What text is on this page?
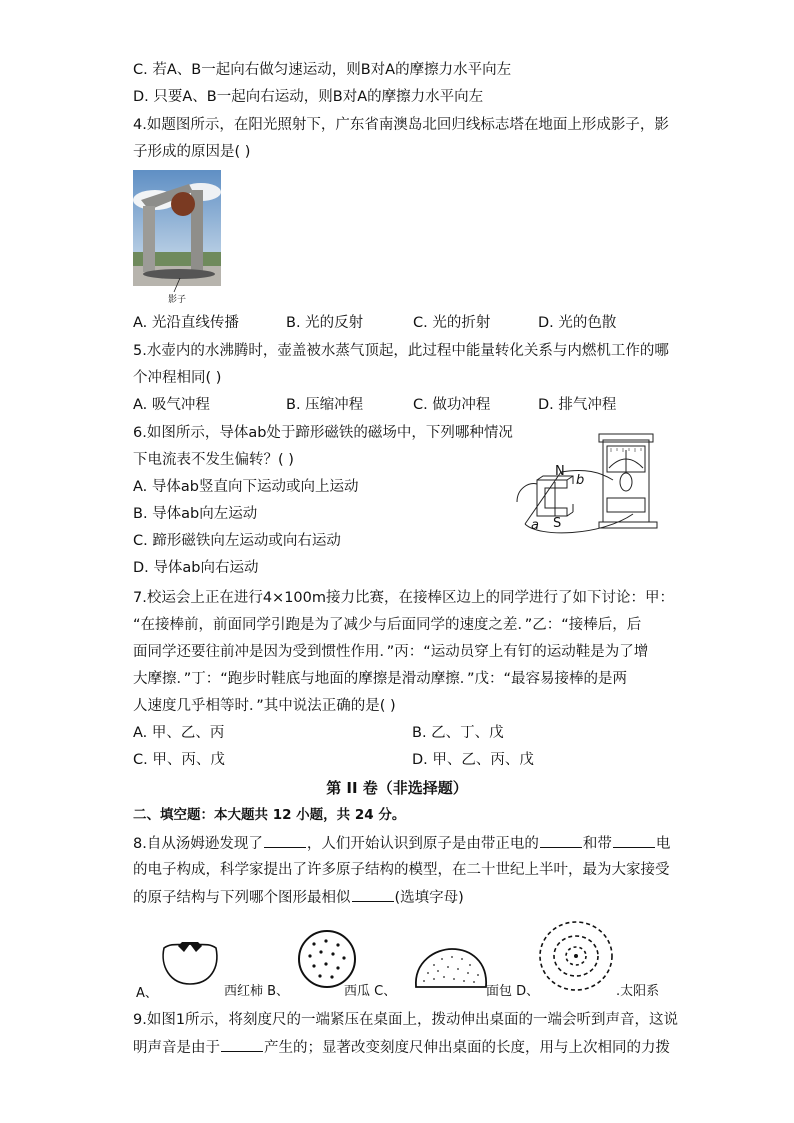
C. 若A、B一起向右做匀速运动，则B对A的摩擦力水平向左
D. 只要A、B一起向右运动，则B对A的摩擦力水平向左
4.如题图所示，在阳光照射下，广东省南澳岛北回归线标志塔在地面上形成影子，影
子形成的原因是( )
影子
A. 光沿直线传播	B. 光的反射	C. 光的折射	D. 光的色散
5.水壶内的水沸腾时，壶盖被水蒸气顶起，此过程中能量转化关系与内燃机工作的哪
个冲程相同( )
A. 吸气冲程	B. 压缩冲程	C. 做功冲程	D. 排气冲程
6.如图所示，导体ab处于蹄形磁铁的磁场中，下列哪种情况
下电流表不发生偏转？( )
A. 导体ab竖直向下运动或向上运动
B. 导体ab向左运动
C. 蹄形磁铁向左运动或向右运动
D. 导体ab向右运动
N
S
a
b
7.校运会上正在进行4×100m接力比赛，在接棒区边上的同学进行了如下讨论：甲：
“在接棒前，前面同学引跑是为了减少与后面同学的速度之差．”乙：“接棒后，后
面同学还要往前冲是因为受到惯性作用．”丙：“运动员穿上有钉的运动鞋是为了增
大摩擦．”丁：“跑步时鞋底与地面的摩擦是滑动摩擦．”戊：“最容易接棒的是两
人速度几乎相等时．”其中说法正确的是( )
A. 甲、乙、丙	B. 乙、丁、戊
C. 甲、丙、戊	D. 甲、乙、丙、戊
第 II 卷（非选择题）
二、填空题：本大题共 12 小题，共 24 分。
8.自从汤姆逊发现了	，人们开始认识到原子是由带正电的	和带	电
的电子构成，科学家提出了许多原子结构的模型，在二十世纪上半叶，最为大家接受
的原子结构与下列哪个图形最相似	(选填字母)
A、	西红柿 B、	西瓜 C、	面包 D、	.太阳系
9.如图1所示，将刻度尺的一端紧压在桌面上，拨动伸出桌面的一端会听到声音，这说
明声音是由于	产生的；显著改变刻度尺伸出桌面的长度，用与上次相同的力拨
